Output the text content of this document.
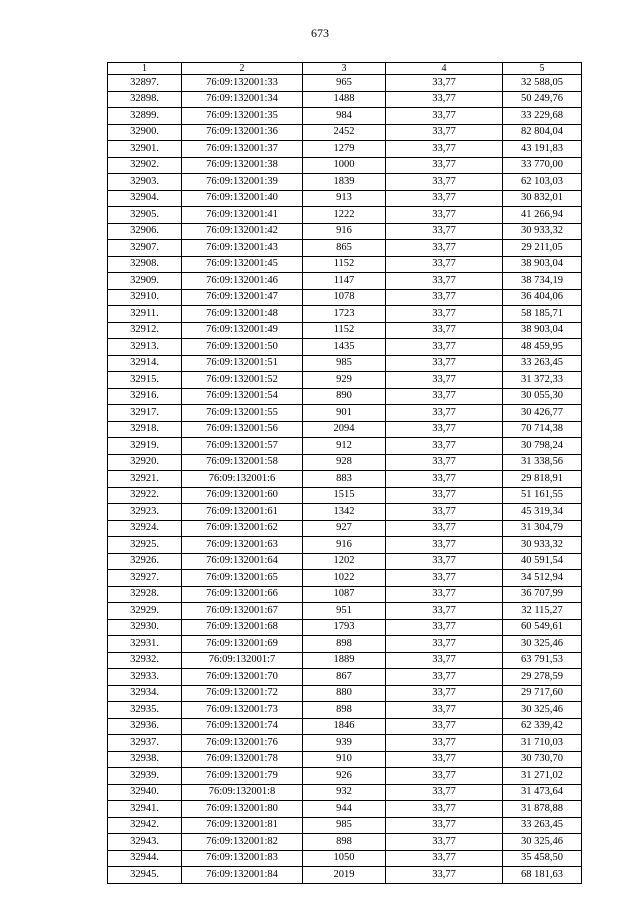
673
1	2	3	4	5
32897.	76:09:132001:33	965	33,77	32 588,05
32898.	76:09:132001:34	1488	33,77	50 249,76
32899.	76:09:132001:35	984	33,77	33 229,68
32900.	76:09:132001:36	2452	33,77	82 804,04
32901.	76:09:132001:37	1279	33,77	43 191,83
32902.	76:09:132001:38	1000	33,77	33 770,00
32903.	76:09:132001:39	1839	33,77	62 103,03
32904.	76:09:132001:40	913	33,77	30 832,01
32905.	76:09:132001:41	1222	33,77	41 266,94
32906.	76:09:132001:42	916	33,77	30 933,32
32907.	76:09:132001:43	865	33,77	29 211,05
32908.	76:09:132001:45	1152	33,77	38 903,04
32909.	76:09:132001:46	1147	33,77	38 734,19
32910.	76:09:132001:47	1078	33,77	36 404,06
32911.	76:09:132001:48	1723	33,77	58 185,71
32912.	76:09:132001:49	1152	33,77	38 903,04
32913.	76:09:132001:50	1435	33,77	48 459,95
32914.	76:09:132001:51	985	33,77	33 263,45
32915.	76:09:132001:52	929	33,77	31 372,33
32916.	76:09:132001:54	890	33,77	30 055,30
32917.	76:09:132001:55	901	33,77	30 426,77
32918.	76:09:132001:56	2094	33,77	70 714,38
32919.	76:09:132001:57	912	33,77	30 798,24
32920.	76:09:132001:58	928	33,77	31 338,56
32921.	76:09:132001:6	883	33,77	29 818,91
32922.	76:09:132001:60	1515	33,77	51 161,55
32923.	76:09:132001:61	1342	33,77	45 319,34
32924.	76:09:132001:62	927	33,77	31 304,79
32925.	76:09:132001:63	916	33,77	30 933,32
32926.	76:09:132001:64	1202	33,77	40 591,54
32927.	76:09:132001:65	1022	33,77	34 512,94
32928.	76:09:132001:66	1087	33,77	36 707,99
32929.	76:09:132001:67	951	33,77	32 115,27
32930.	76:09:132001:68	1793	33,77	60 549,61
32931.	76:09:132001:69	898	33,77	30 325,46
32932.	76:09:132001:7	1889	33,77	63 791,53
32933.	76:09:132001:70	867	33,77	29 278,59
32934.	76:09:132001:72	880	33,77	29 717,60
32935.	76:09:132001:73	898	33,77	30 325,46
32936.	76:09:132001:74	1846	33,77	62 339,42
32937.	76:09:132001:76	939	33,77	31 710,03
32938.	76:09:132001:78	910	33,77	30 730,70
32939.	76:09:132001:79	926	33,77	31 271,02
32940.	76:09:132001:8	932	33,77	31 473,64
32941.	76:09:132001:80	944	33,77	31 878,88
32942.	76:09:132001:81	985	33,77	33 263,45
32943.	76:09:132001:82	898	33,77	30 325,46
32944.	76:09:132001:83	1050	33,77	35 458,50
32945.	76:09:132001:84	2019	33,77	68 181,63
